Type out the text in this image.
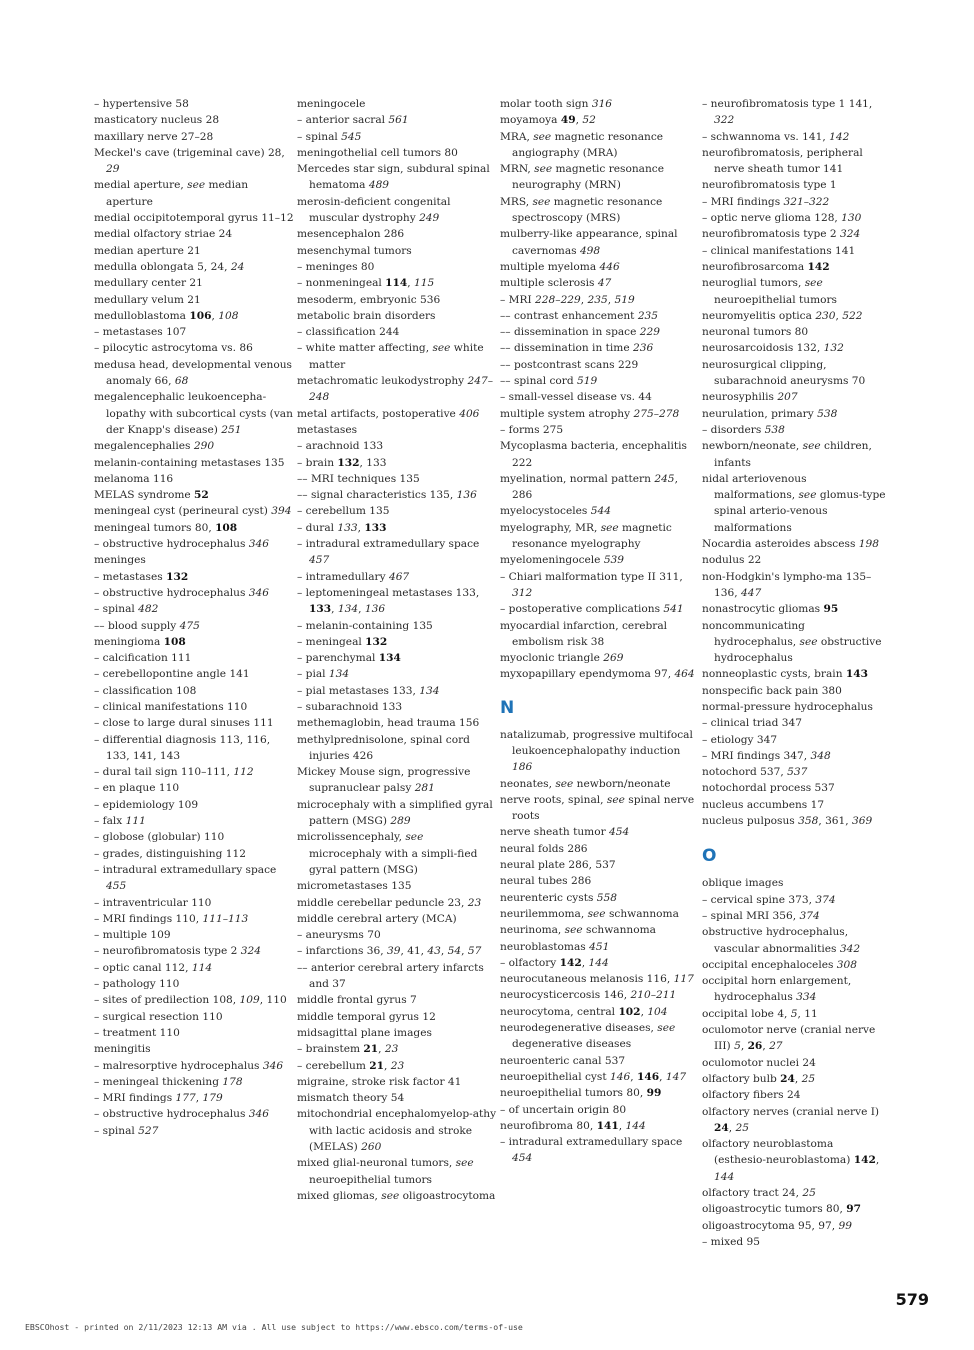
– hypertensive 58
masticatory nucleus 28
maxillary nerve 27–28
Meckel's cave (trigeminal cave) 28, 29
medial aperture, see median aperture
medial occipitotemporal gyrus 11–12
medial olfactory striae 24
median aperture 21
medulla oblongata 5, 24, 24
medullary center 21
medullary velum 21
medulloblastoma 106, 108
– metastases 107
– pilocytic astrocytoma vs. 86
medusa head, developmental venous anomaly 66, 68
megalencephalic leukoencepha-lopathy with subcortical cysts (van der Knapp's disease) 251
megalencephalies 290
melanin-containing metastases 135
melanoma 116
MELAS syndrome 52
meningeal cyst (perineural cyst) 394
meningeal tumors 80, 108
– obstructive hydrocephalus 346
meninges
– metastases 132
– obstructive hydrocephalus 346
– spinal 482
–– blood supply 475
meningioma 108
– calcification 111
– cerebellopontine angle 141
– classification 108
– clinical manifestations 110
– close to large dural sinuses 111
– differential diagnosis 113, 116, 133, 141, 143
– dural tail sign 110–111, 112
– en plaque 110
– epidemiology 109
– falx 111
– globose (globular) 110
– grades, distinguishing 112
– intradural extramedullary space 455
– intraventricular 110
– MRI findings 110, 111–113
– multiple 109
– neurofibromatosis type 2 324
– optic canal 112, 114
– pathology 110
– sites of predilection 108, 109, 110
– surgical resection 110
– treatment 110
meningitis
– malresorptive hydrocephalus 346
– meningeal thickening 178
– MRI findings 177, 179
– obstructive hydrocephalus 346
– spinal 527
meningocele
– anterior sacral 561
– spinal 545
meningothelial cell tumors 80
Mercedes star sign, subdural spinal hematoma 489
merosin-deficient congenital muscular dystrophy 249
mesencephalon 286
mesenchymal tumors
– meninges 80
– nonmeningeal 114, 115
mesoderm, embryonic 536
metabolic brain disorders
– classification 244
– white matter affecting, see white matter
metachromatic leukodystrophy 247–248
metal artifacts, postoperative 406
metastases
– arachnoid 133
– brain 132, 133
–– MRI techniques 135
–– signal characteristics 135, 136
– cerebellum 135
– dural 133, 133
– intradural extramedullary space 457
– intramedullary 467
– leptomeningeal metastases 133, 133, 134, 136
– melanin-containing 135
– meningeal 132
– parenchymal 134
– pial 134
– pial metastases 133, 134
– subarachnoid 133
methemaglobin, head trauma 156
methylprednisolone, spinal cord injuries 426
Mickey Mouse sign, progressive supranuclear palsy 281
microcephaly with a simplified gyral pattern (MSG) 289
microlissencephaly, see microcephaly with a simpli-fied gyral pattern (MSG)
micrometastases 135
middle cerebellar peduncle 23, 23
middle cerebral artery (MCA)
– aneurysms 70
– infarctions 36, 39, 41, 43, 54, 57
–– anterior cerebral artery infarcts and 37
middle frontal gyrus 7
middle temporal gyrus 12
midsagittal plane images
– brainstem 21, 23
– cerebellum 21, 23
migraine, stroke risk factor 41
mismatch theory 54
mitochondrial encephalomyelop-athy with lactic acidosis and stroke (MELAS) 260
mixed glial-neuronal tumors, see neuroepithelial tumors
mixed gliomas, see oligoastrocytoma
molar tooth sign 316
moyamoya 49, 52
MRA, see magnetic resonance angiography (MRA)
MRN, see magnetic resonance neurography (MRN)
MRS, see magnetic resonance spectroscopy (MRS)
mulberry-like appearance, spinal cavernomas 498
multiple myeloma 446
multiple sclerosis 47
– MRI 228–229, 235, 519
–– contrast enhancement 235
–– dissemination in space 229
–– dissemination in time 236
–– postcontrast scans 229
–– spinal cord 519
– small-vessel disease vs. 44
multiple system atrophy 275–278
– forms 275
Mycoplasma bacteria, encephalitis 222
myelination, normal pattern 245, 286
myelocystoceles 544
myelography, MR, see magnetic resonance myelography
myelomeningocele 539
– Chiari malformation type II 311, 312
– postoperative complications 541
myocardial infarction, cerebral embolism risk 38
myoclonic triangle 269
myxopapillary ependymoma 97, 464
N
natalizumab, progressive multifocal leukoencephalopathy induction 186
neonates, see newborn/neonate
nerve roots, spinal, see spinal nerve roots
nerve sheath tumor 454
neural folds 286
neural plate 286, 537
neural tubes 286
neurenteric cysts 558
neurilemmoma, see schwannoma
neurinoma, see schwannoma
neuroblastomas 451
– olfactory 142, 144
neurocutaneous melanosis 116, 117
neurocysticercosis 146, 210–211
neurocytoma, central 102, 104
neurodegenerative diseases, see degenerative diseases
neuroenteric canal 537
neuroepithelial cyst 146, 146, 147
neuroepithelial tumors 80, 99
– of uncertain origin 80
neurofibroma 80, 141, 144
– intradural extramedullary space 454
– neurofibromatosis type 1 141, 322
– schwannoma vs. 141, 142
neurofibromatosis, peripheral nerve sheath tumor 141
neurofibromatosis type 1
– MRI findings 321–322
– optic nerve glioma 128, 130
neurofibromatosis type 2 324
– clinical manifestations 141
neurofibrosarcoma 142
neuroglial tumors, see neuroepithelial tumors
neuromyelitis optica 230, 522
neuronal tumors 80
neurosarcoidosis 132, 132
neurosurgical clipping, subarachnoid aneurysms 70
neurosyphilis 207
neurulation, primary 538
– disorders 538
newborn/neonate, see children, infants
nidal arteriovenous malformations, see glomus-type spinal arterio-venous malformations
Nocardia asteroides abscess 198
nodulus 22
non-Hodgkin's lympho-ma 135–136, 447
nonastrocytic gliomas 95
noncommunicating hydrocephalus, see obstructive hydrocephalus
nonneoplastic cysts, brain 143
nonspecific back pain 380
normal-pressure hydrocephalus
– clinical triad 347
– etiology 347
– MRI findings 347, 348
notochord 537, 537
notochordal process 537
nucleus accumbens 17
nucleus pulposus 358, 361, 369
O
oblique images
– cervical spine 373, 374
– spinal MRI 356, 374
obstructive hydrocephalus, vascular abnormalities 342
occipital encephaloceles 308
occipital horn enlargement, hydrocephalus 334
occipital lobe 4, 5, 11
oculomotor nerve (cranial nerve III) 5, 26, 27
oculomotor nuclei 24
olfactory bulb 24, 25
olfactory fibers 24
olfactory nerves (cranial nerve I) 24, 25
olfactory neuroblastoma (esthesio-neuroblastoma) 142, 144
olfactory tract 24, 25
oligoastrocytic tumors 80, 97
oligoastrocytoma 95, 97, 99
– mixed 95
579
EBSCOhost - printed on 2/11/2023 12:13 AM via . All use subject to https://www.ebsco.com/terms-of-use
